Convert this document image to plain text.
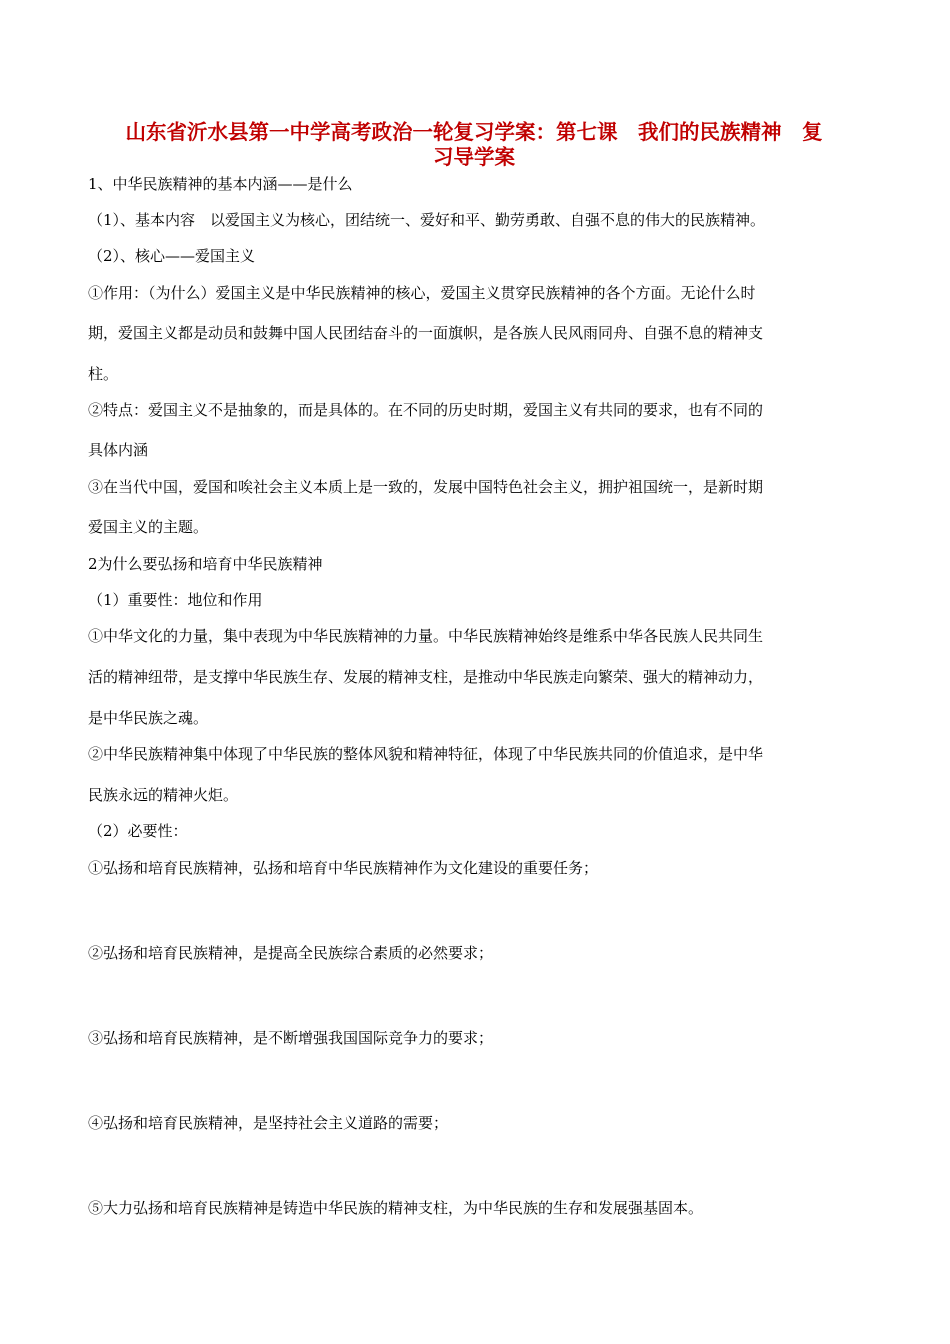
山东省沂水县第一中学高考政治一轮复习学案：第七课　我们的民族精神　复
习导学案

1、中华民族精神的基本内涵——是什么

（1）、基本内容　以爱国主义为核心，团结统一、爱好和平、勤劳勇敢、自强不息的伟大的民族精神。

（2）、核心——爱国主义

①作用：（为什么）爱国主义是中华民族精神的核心，爱国主义贯穿民族精神的各个方面。无论什么时

期，爱国主义都是动员和鼓舞中国人民团结奋斗的一面旗帜，是各族人民风雨同舟、自强不息的精神支

柱。

②特点：爱国主义不是抽象的，而是具体的。在不同的历史时期，爱国主义有共同的要求，也有不同的

具体内涵

③在当代中国，爱国和唉社会主义本质上是一致的，发展中国特色社会主义，拥护祖国统一，是新时期

爱国主义的主题。

2为什么要弘扬和培育中华民族精神

（1）重要性：地位和作用

①中华文化的力量，集中表现为中华民族精神的力量。中华民族精神始终是维系中华各民族人民共同生

活的精神纽带，是支撑中华民族生存、发展的精神支柱，是推动中华民族走向繁荣、强大的精神动力，

是中华民族之魂。

②中华民族精神集中体现了中华民族的整体风貌和精神特征，体现了中华民族共同的价值追求，是中华

民族永远的精神火炬。

（2）必要性：

①弘扬和培育民族精神，弘扬和培育中华民族精神作为文化建设的重要任务；

②弘扬和培育民族精神，是提高全民族综合素质的必然要求；

③弘扬和培育民族精神，是不断增强我国国际竞争力的要求；

④弘扬和培育民族精神，是坚持社会主义道路的需要；

⑤大力弘扬和培育民族精神是铸造中华民族的精神支柱，为中华民族的生存和发展强基固本。
